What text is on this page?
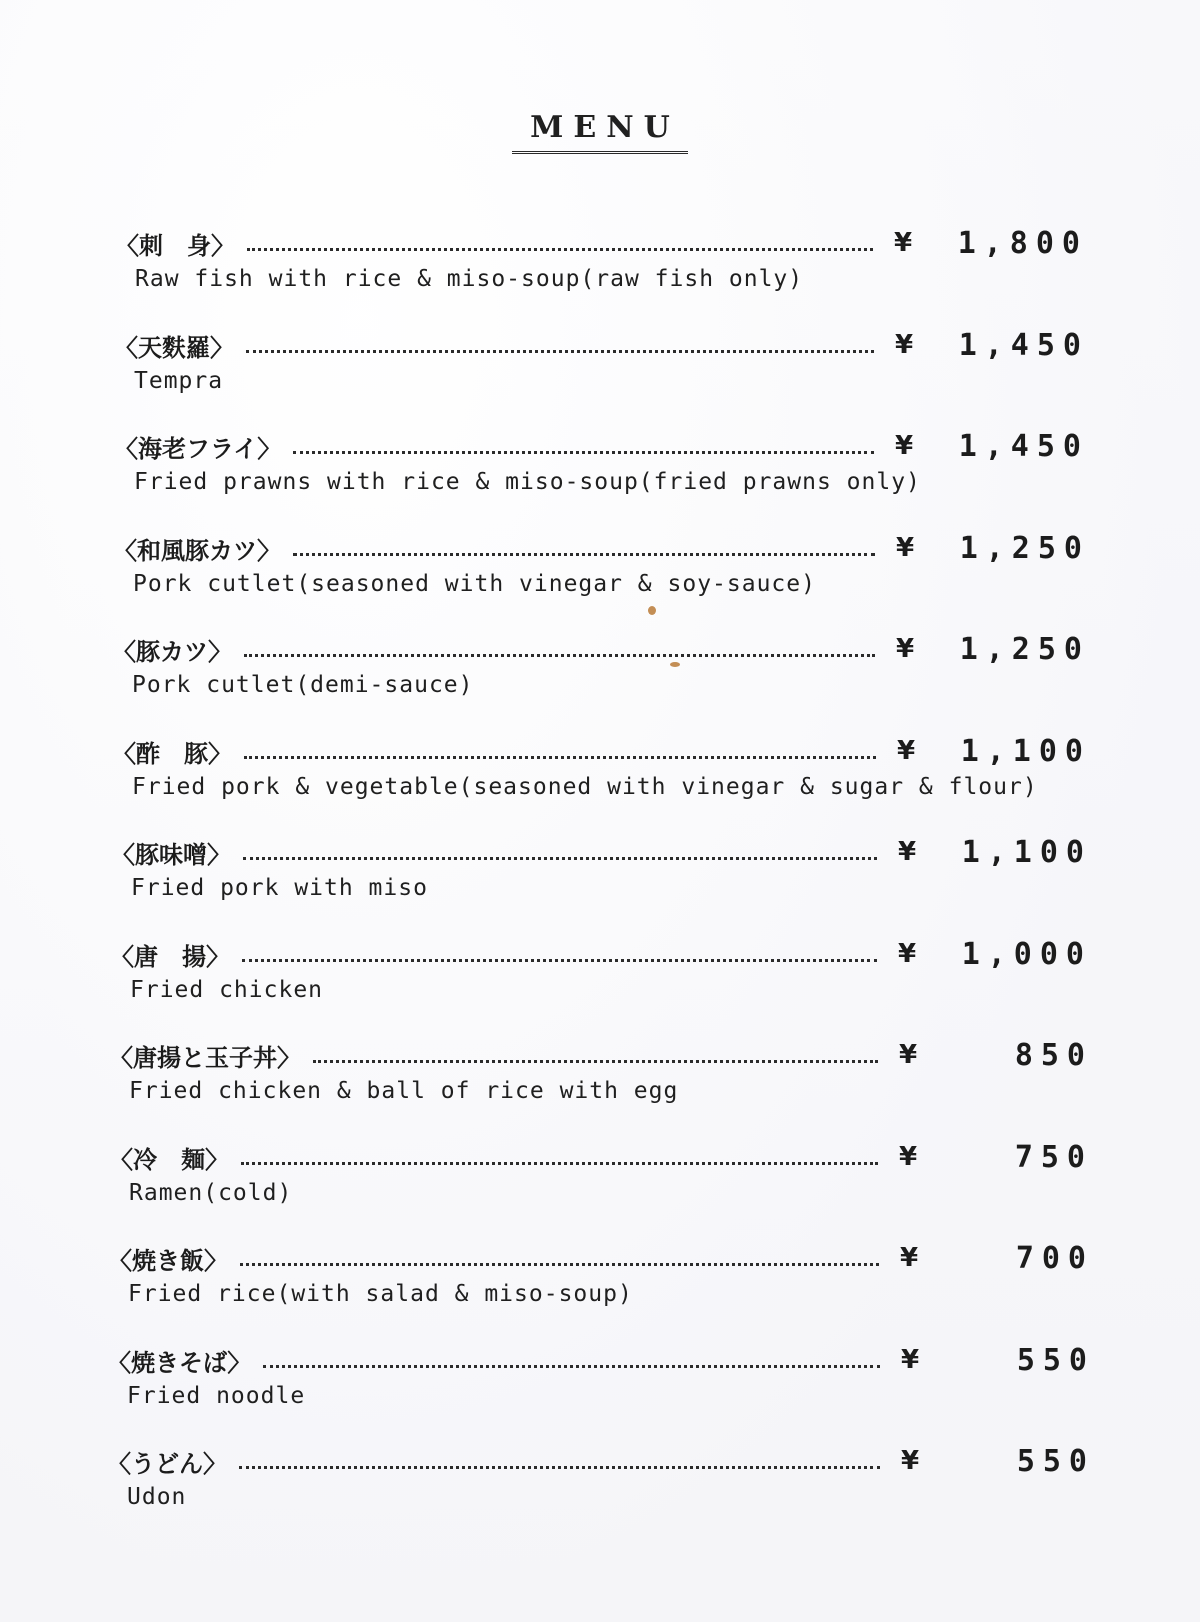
MENU
〈刺　身〉	¥	1,800
Raw fish with rice & miso-soup(raw fish only)
〈天麩羅〉	¥	1,450
Tempra
〈海老フライ〉	¥	1,450
Fried prawns with rice & miso-soup(fried prawns only)
〈和風豚カツ〉	¥	1,250
Pork cutlet(seasoned with vinegar & soy-sauce)
〈豚カツ〉	¥	1,250
Pork cutlet(demi-sauce)
〈酢　豚〉	¥	1,100
Fried pork & vegetable(seasoned with vinegar & sugar & flour)
〈豚味噌〉	¥	1,100
Fried pork with miso
〈唐　揚〉	¥	1,000
Fried chicken
〈唐揚と玉子丼〉	¥	850
Fried chicken & ball of rice with egg
〈冷　麺〉	¥	750
Ramen(cold)
〈焼き飯〉	¥	700
Fried rice(with salad & miso-soup)
〈焼きそば〉	¥	550
Fried noodle
〈うどん〉	¥	550
Udon
